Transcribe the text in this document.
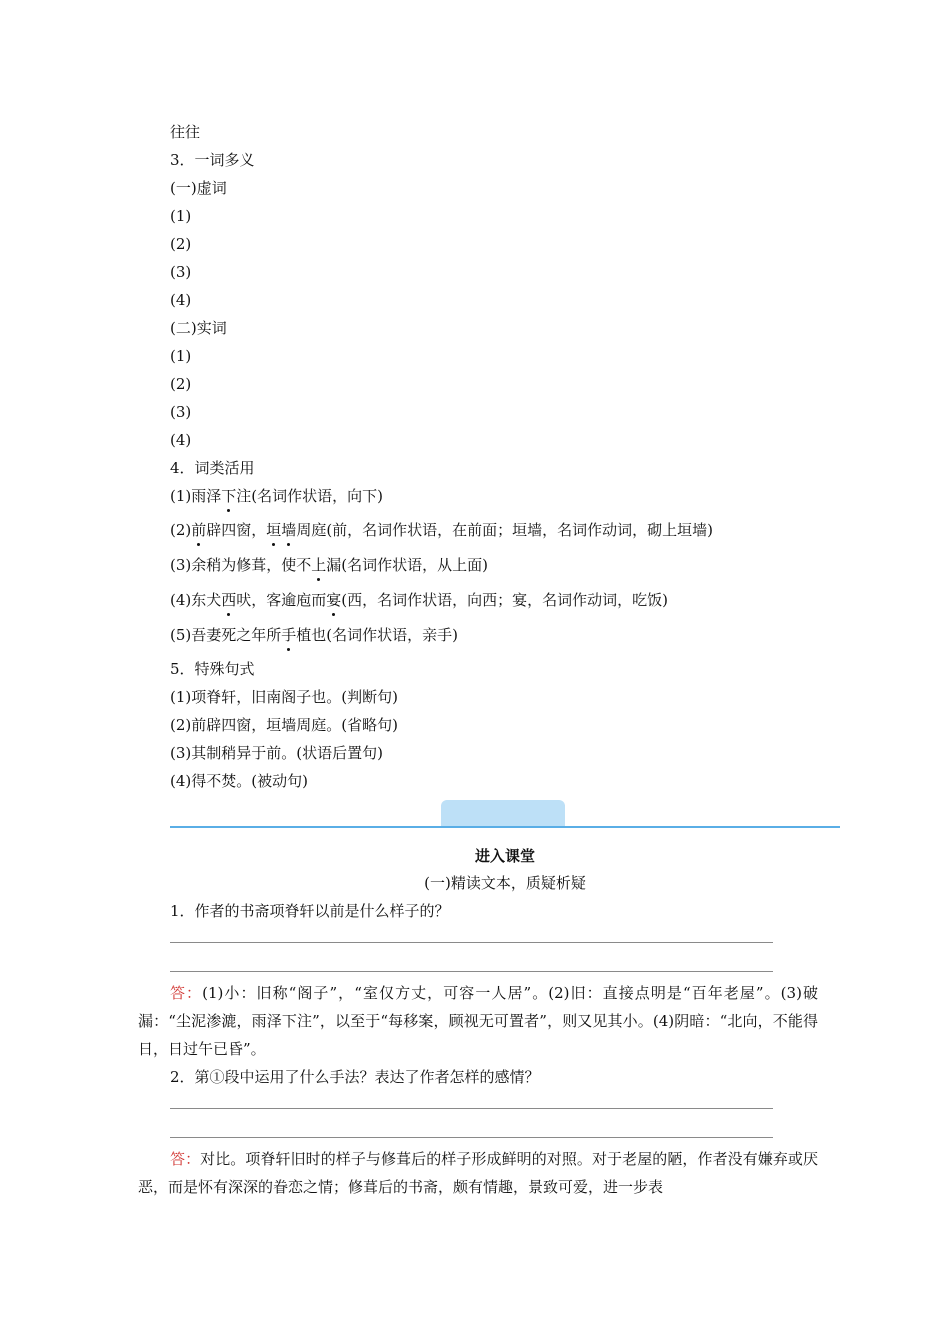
往往
3．一词多义
(一)虚词
(1)
(2)
(3)
(4)
(二)实词
(1)
(2)
(3)
(4)
4．词类活用
(1)雨泽下注(名词作状语，向下)
(2)前辟四窗，垣墙周庭(前，名词作状语，在前面；垣墙，名词作动词，砌上垣墙)
(3)余稍为修葺，使不上漏(名词作状语，从上面)
(4)东犬西吠，客逾庖而宴(西，名词作状语，向西；宴，名词作动词，吃饭)
(5)吾妻死之年所手植也(名词作状语，亲手)
5．特殊句式
(1)项脊轩，旧南阁子也。(判断句)
(2)前辟四窗，垣墙周庭。(省略句)
(3)其制稍异于前。(状语后置句)
(4)得不焚。(被动句)
进入课堂
(一)精读文本，质疑析疑
1．作者的书斋项脊轩以前是什么样子的？
答：(1)小：旧称“阁子”，“室仅方丈，可容一人居”。(2)旧：直接点明是“百年老屋”。(3)破漏：“尘泥渗漉，雨泽下注”，以至于“每移案，顾视无可置者”，则又见其小。(4)阴暗：“北向，不能得日，日过午已昏”。
2．第①段中运用了什么手法？表达了作者怎样的感情？
答：对比。项脊轩旧时的样子与修葺后的样子形成鲜明的对照。对于老屋的陋，作者没有嫌弃或厌恶，而是怀有深深的眷恋之情；修葺后的书斋，颇有情趣，景致可爱，进一步表
